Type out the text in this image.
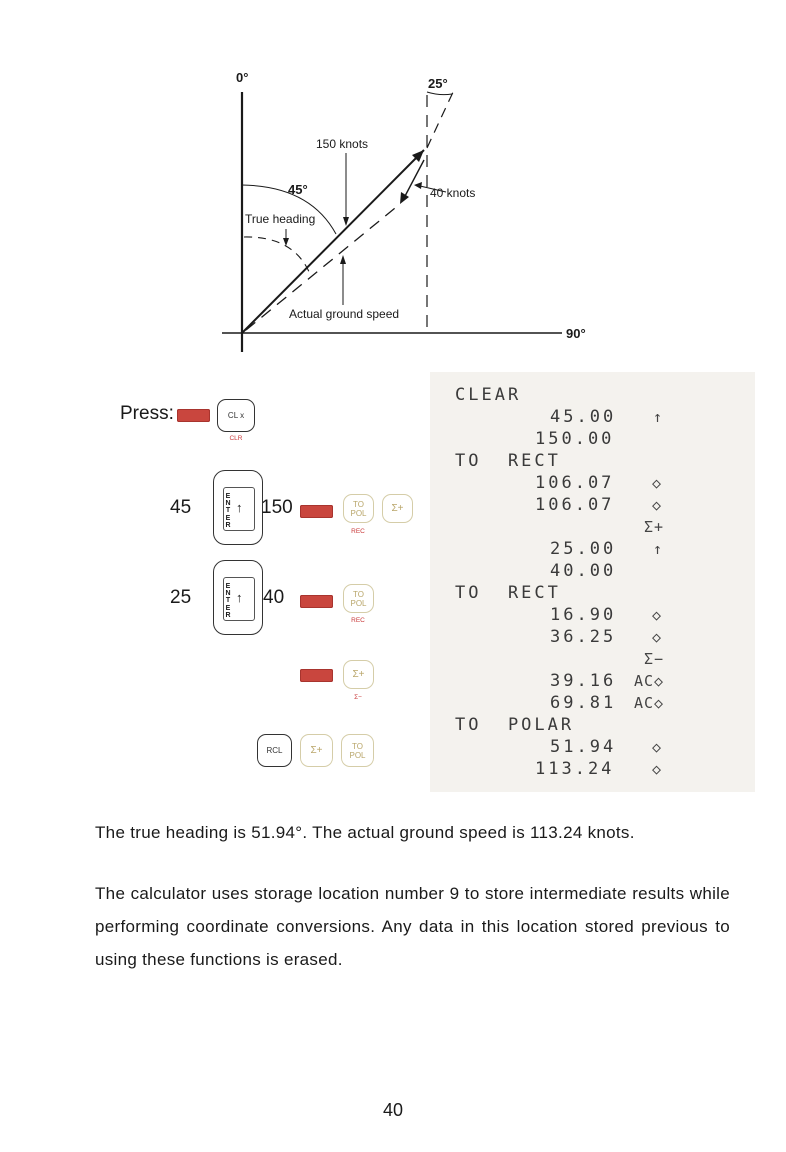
0°	25°
150 knots
45°	40 knots
True heading
Actual ground speed
90°
Press:	CL x
CLR
45
E
N
T
E
R
↑ 150	TO
POL	Σ+
REC
25
E
N
T
E
R
↑ 40	TO
POL
REC
Σ+
Σ−
RCL	Σ+	TO
POL
CLEAR
45.00 ↑
150.00
TO  RECT
106.07	◇
106.07	◇
Σ+
25.00 ↑
40.00
TO  RECT
16.90 ◇
36.25 ◇
Σ−
39.16 AC◇
69.81 AC◇
TO  POLAR
51.94 ◇
113.24	◇
The true heading is 51.94°. The actual ground speed is 113.24 knots.
The calculator uses storage location number 9 to store intermediate results while performing coordinate conversions. Any data in this location stored previous to using these functions is erased.
40
